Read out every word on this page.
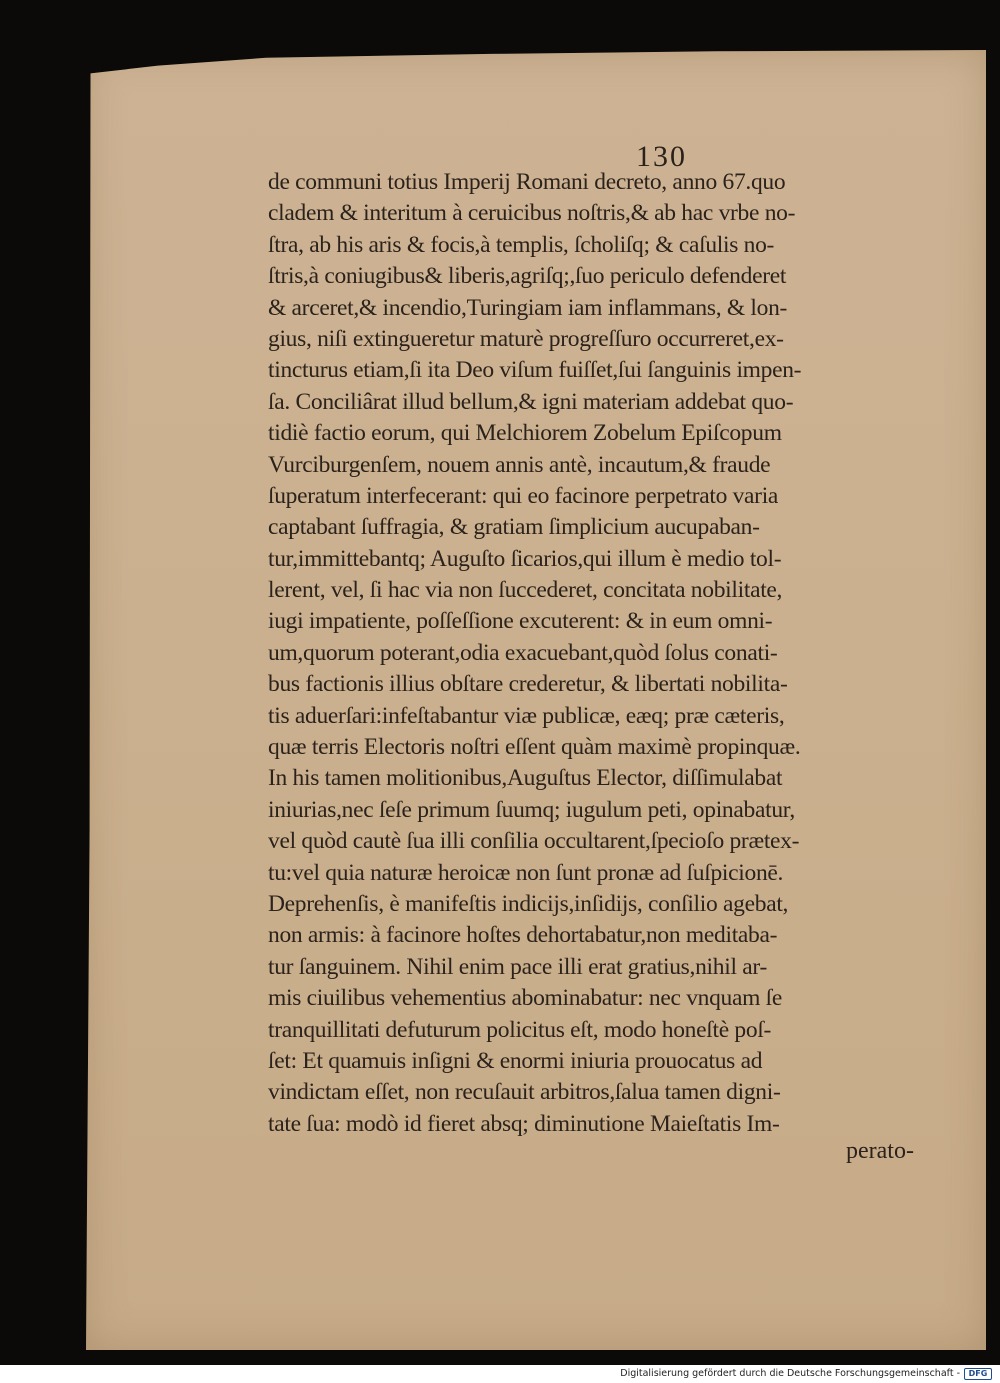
130
de communi totius Imperij Romani decreto, anno 67.quo
cladem & interitum à ceruicibus noſtris,& ab hac vrbe no-
ſtra, ab his aris & focis,à templis, ſcholiſq; & caſulis no-
ſtris,à coniugibus& liberis,agriſq;,ſuo periculo defenderet
& arceret,& incendio,Turingiam iam inflammans, & lon-
gius, niſi extingueretur maturè progreſſuro occurreret,ex-
tincturus etiam,ſi ita Deo viſum fuiſſet,ſui ſanguinis impen-
ſa. Conciliârat illud bellum,& igni materiam addebat quo-
tidiè factio eorum, qui Melchiorem Zobelum Epiſcopum
Vurciburgenſem, nouem annis antè, incautum,& fraude
ſuperatum interfecerant: qui eo facinore perpetrato varia
captabant ſuffragia, & gratiam ſimplicium aucupaban-
tur,immittebantq; Auguſto ſicarios,qui illum è medio tol-
lerent, vel, ſi hac via non ſuccederet, concitata nobilitate,
iugi impatiente, poſſeſſione excuterent: & in eum omni-
um,quorum poterant,odia exacuebant,quòd ſolus conati-
bus factionis illius obſtare crederetur, & libertati nobilita-
tis aduerſari:infeſtabantur viæ publicæ, eæq; præ cæteris,
quæ terris Electoris noſtri eſſent quàm maximè propinquæ.
In his tamen molitionibus,Auguſtus Elector, diſſimulabat
iniurias,nec ſeſe primum ſuumq; iugulum peti, opinabatur,
vel quòd cautè ſua illi conſilia occultarent,ſpecioſo prætex-
tu:vel quia naturæ heroicæ non ſunt pronæ ad ſuſpicionē.
Deprehenſis, è manifeſtis indicijs,inſidijs, conſilio agebat,
non armis: à facinore hoſtes dehortabatur,non meditaba-
tur ſanguinem. Nihil enim pace illi erat gratius,nihil ar-
mis ciuilibus vehementius abominabatur: nec vnquam ſe
tranquillitati defuturum policitus eſt, modo honeſtè poſ-
ſet: Et quamuis inſigni & enormi iniuria prouocatus ad
vindictam eſſet, non recuſauit arbitros,ſalua tamen digni-
tate ſua: modò id fieret absq; diminutione Maieſtatis Im-
perato-
Digitalisierung gefördert durch die Deutsche Forschungsgemeinschaft -	DFG
